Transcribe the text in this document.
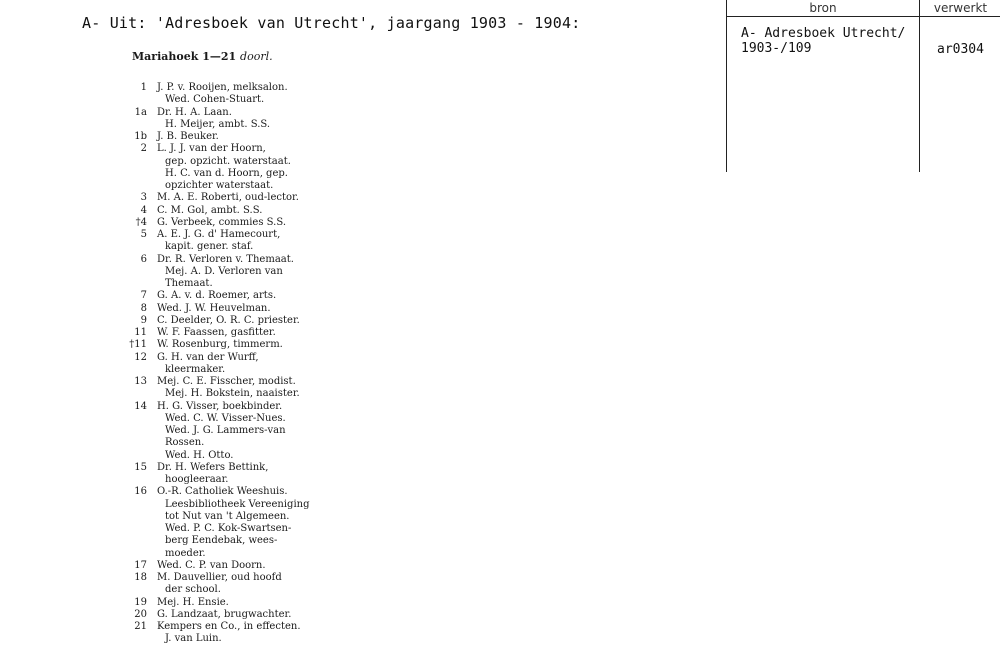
A- Uit: 'Adresboek van Utrecht', jaargang 1903 - 1904:
Mariahoek 1—21 doorl.
1	J. P. v. Rooijen, melksalon.
Wed. Cohen-Stuart.
1a	Dr. H. A. Laan.
H. Meijer, ambt. S.S.
1b	J. B. Beuker.
2	L. J. J. van der Hoorn,
gep. opzicht. waterstaat.
H. C. van d. Hoorn, gep.
opzichter waterstaat.
3	M. A. E. Roberti, oud-lector.
4	C. M. Gol, ambt. S.S.
†4	G. Verbeek, commies S.S.
5	A. E. J. G. d' Hamecourt,
kapit. gener. staf.
6	Dr. R. Verloren v. Themaat.
Mej. A. D. Verloren van
Themaat.
7	G. A. v. d. Roemer, arts.
8	Wed. J. W. Heuvelman.
9	C. Deelder, O. R. C. priester.
11	W. F. Faassen, gasfitter.
†11	W. Rosenburg, timmerm.
12	G. H. van der Wurff,
kleermaker.
13	Mej. C. E. Fisscher, modist.
Mej. H. Bokstein, naaister.
14	H. G. Visser, boekbinder.
Wed. C. W. Visser-Nues.
Wed. J. G. Lammers-van
Rossen.
Wed. H. Otto.
15	Dr. H. Wefers Bettink,
hoogleeraar.
16	O.-R. Catholiek Weeshuis.
Leesbibliotheek Vereeniging
tot Nut van 't Algemeen.
Wed. P. C. Kok-Swartsen-
berg Eendebak, wees-
moeder.
17	Wed. C. P. van Doorn.
18	M. Dauvellier, oud hoofd
der school.
19	Mej. H. Ensie.
20	G. Landzaat, brugwachter.
21	Kempers en Co., in effecten.
J. van Luin.
bron	verwerkt
A- Adresboek Utrecht/
1903-/109	ar0304
